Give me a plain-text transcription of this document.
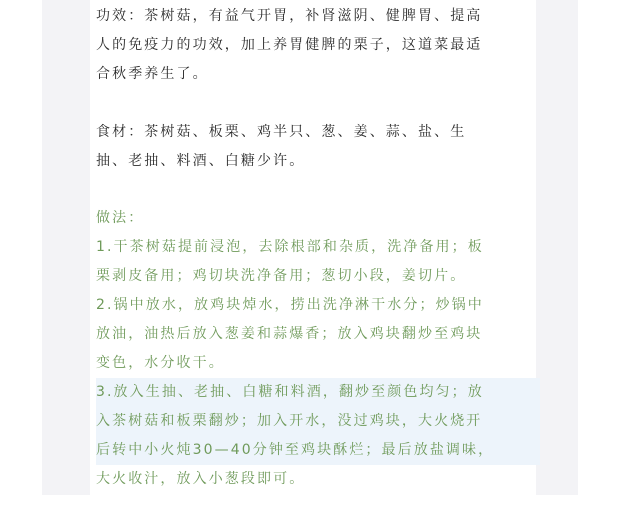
功效：茶树菇，有益气开胃，补肾滋阴、健脾胃、提高
人的免疫力的功效，加上养胃健脾的栗子，这道菜最适
合秋季养生了。

食材：茶树菇、板栗、鸡半只、葱、姜、蒜、盐、生
抽、老抽、料酒、白糖少许。

做法：

1.干茶树菇提前浸泡，去除根部和杂质，洗净备用；板
栗剥皮备用；鸡切块洗净备用；葱切小段，姜切片。
2.锅中放水，放鸡块焯水，捞出洗净淋干水分；炒锅中
放油，油热后放入葱姜和蒜爆香；放入鸡块翻炒至鸡块
变色，水分收干。
3.放入生抽、老抽、白糖和料酒，翻炒至颜色均匀；放
入茶树菇和板栗翻炒；加入开水，没过鸡块，大火烧开
后转中小火炖30—40分钟至鸡块酥烂；最后放盐调味，
大火收汁，放入小葱段即可。
